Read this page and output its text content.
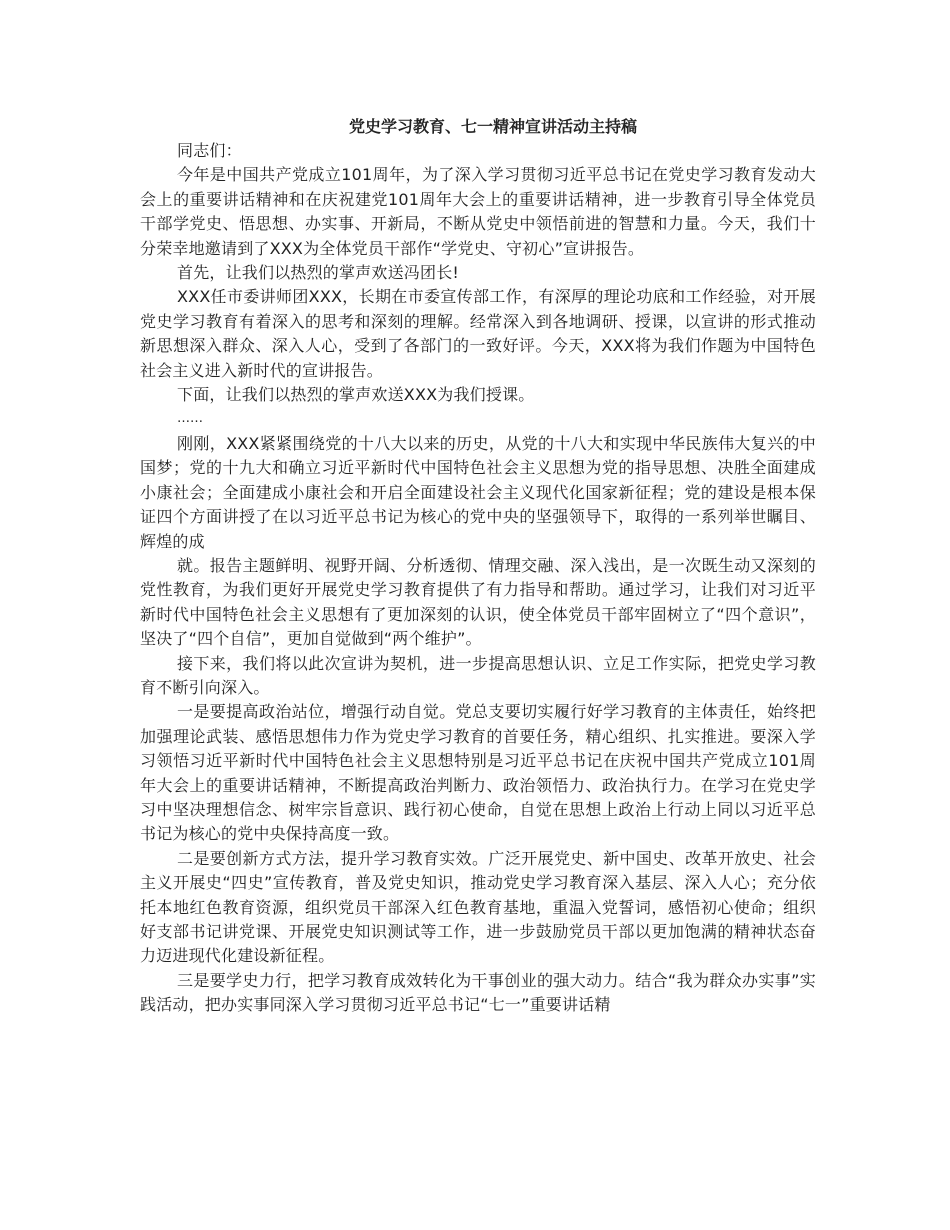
党史学习教育、七一精神宣讲活动主持稿

同志们：

今年是中国共产党成立101周年，为了深入学习贯彻习近平总书记在党史学习教育发动大会上的重要讲话精神和在庆祝建党101周年大会上的重要讲话精神，进一步教育引导全体党员干部学党史、悟思想、办实事、开新局，不断从党史中领悟前进的智慧和力量。今天，我们十分荣幸地邀请到了XXX为全体党员干部作“学党史、守初心”宣讲报告。

首先，让我们以热烈的掌声欢送冯团长!

XXX任市委讲师团XXX，长期在市委宣传部工作，有深厚的理论功底和工作经验，对开展党史学习教育有着深入的思考和深刻的理解。经常深入到各地调研、授课，以宣讲的形式推动新思想深入群众、深入人心，受到了各部门的一致好评。今天，XXX将为我们作题为中国特色社会主义进入新时代的宣讲报告。

下面，让我们以热烈的掌声欢送XXX为我们授课。

……

刚刚，XXX紧紧围绕党的十八大以来的历史，从党的十八大和实现中华民族伟大复兴的中国梦；党的十九大和确立习近平新时代中国特色社会主义思想为党的指导思想、决胜全面建成小康社会；全面建成小康社会和开启全面建设社会主义现代化国家新征程；党的建设是根本保证四个方面讲授了在以习近平总书记为核心的党中央的坚强领导下，取得的一系列举世瞩目、辉煌的成

就。报告主题鲜明、视野开阔、分析透彻、情理交融、深入浅出，是一次既生动又深刻的党性教育，为我们更好开展党史学习教育提供了有力指导和帮助。通过学习，让我们对习近平新时代中国特色社会主义思想有了更加深刻的认识，使全体党员干部牢固树立了“四个意识”，坚决了“四个自信”，更加自觉做到“两个维护”。

接下来，我们将以此次宣讲为契机，进一步提高思想认识、立足工作实际，把党史学习教育不断引向深入。

一是要提高政治站位，增强行动自觉。党总支要切实履行好学习教育的主体责任，始终把加强理论武装、感悟思想伟力作为党史学习教育的首要任务，精心组织、扎实推进。要深入学习领悟习近平新时代中国特色社会主义思想特别是习近平总书记在庆祝中国共产党成立101周年大会上的重要讲话精神，不断提高政治判断力、政治领悟力、政治执行力。在学习在党史学习中坚决理想信念、树牢宗旨意识、践行初心使命，自觉在思想上政治上行动上同以习近平总书记为核心的党中央保持高度一致。

二是要创新方式方法，提升学习教育实效。广泛开展党史、新中国史、改革开放史、社会主义开展史“四史”宣传教育，普及党史知识，推动党史学习教育深入基层、深入人心；充分依托本地红色教育资源，组织党员干部深入红色教育基地，重温入党誓词，感悟初心使命；组织好支部书记讲党课、开展党史知识测试等工作，进一步鼓励党员干部以更加饱满的精神状态奋力迈进现代化建设新征程。

三是要学史力行，把学习教育成效转化为干事创业的强大动力。结合“我为群众办实事”实践活动，把办实事同深入学习贯彻习近平总书记“七一”重要讲话精
